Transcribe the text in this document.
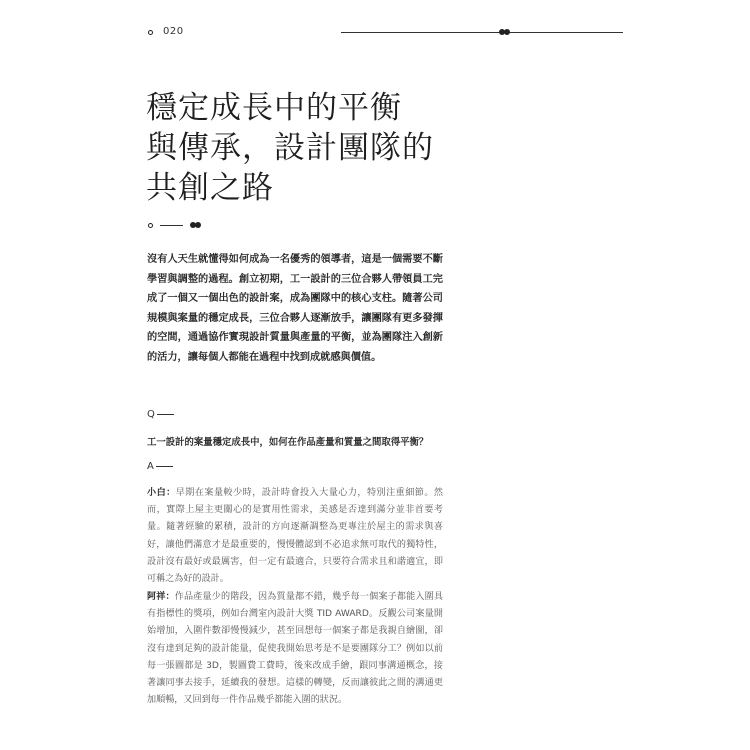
020
穩定成長中的平衡
與傳承，設計團隊的
共創之路
沒有人天生就懂得如何成為一名優秀的領導者，這是一個需要不斷學習與調整的過程。創立初期，工一設計的三位合夥人帶領員工完成了一個又一個出色的設計案，成為團隊中的核心支柱。隨著公司規模與案量的穩定成長，三位合夥人逐漸放手，讓團隊有更多發揮的空間，通過協作實現設計質量與產量的平衡，並為團隊注入創新的活力，讓每個人都能在過程中找到成就感與價值。
Q
工一設計的案量穩定成長中，如何在作品產量和質量之間取得平衡？
A
小白：早期在案量較少時，設計時會投入大量心力，特別注重細節。然而，實際上屋主更關心的是實用性需求，美感是否達到滿分並非首要考量。隨著經驗的累積，設計的方向逐漸調整為更專注於屋主的需求與喜好，讓他們滿意才是最重要的，慢慢體認到不必追求無可取代的獨特性，設計沒有最好或最厲害，但一定有最適合，只要符合需求且和諧適宜，即可稱之為好的設計。
阿祥：作品產量少的階段，因為質量都不錯，幾乎每一個案子都能入圍具有指標性的獎項，例如台灣室內設計大獎 TID AWARD。反觀公司案量開始增加，入圍件數卻慢慢減少，甚至回想每一個案子都是我親自繪圖，卻沒有達到足夠的設計能量，促使我開始思考是不是要團隊分工？例如以前每一張圖都是 3D，製圖費工費時，後來改成手繪，跟同事溝通概念，接著讓同事去接手，延續我的發想。這樣的轉變，反而讓彼此之間的溝通更加順暢，又回到每一件作品幾乎都能入圍的狀況。
